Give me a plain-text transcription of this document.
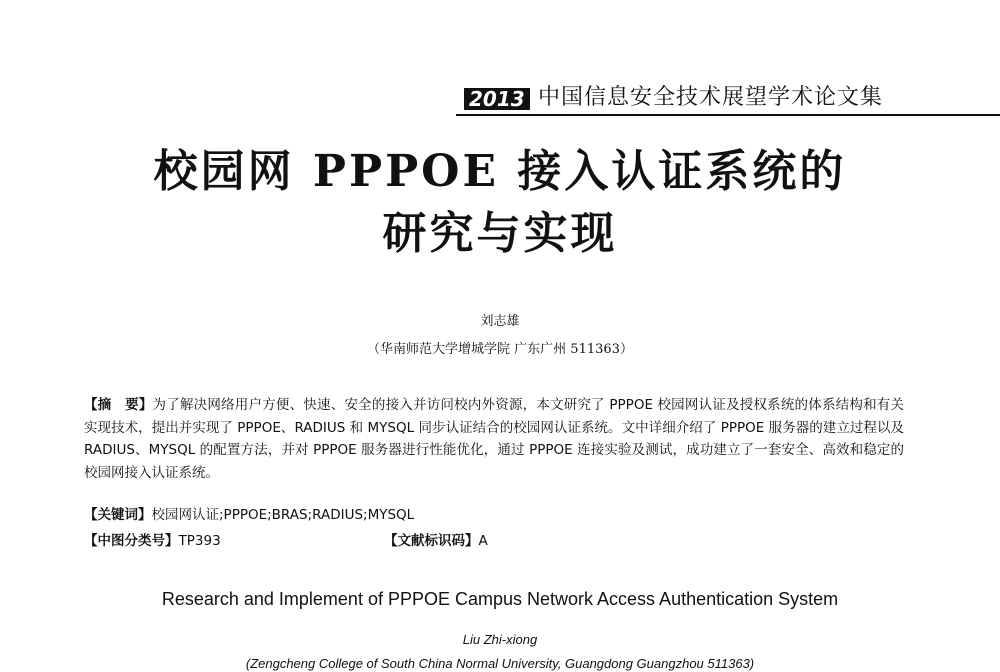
2013 中国信息安全技术展望学术论文集
校园网 PPPOE 接入认证系统的
研究与实现
刘志雄
（华南师范大学增城学院 广东广州 511363）
【摘　要】为了解决网络用户方便、快速、安全的接入并访问校内外资源，本文研究了 PPPOE 校园网认证及授权系统的体系结构和有关实现技术，提出并实现了 PPPOE、RADIUS 和 MYSQL 同步认证结合的校园网认证系统。文中详细介绍了 PPPOE 服务器的建立过程以及 RADIUS、MYSQL 的配置方法，并对 PPPOE 服务器进行性能优化，通过 PPPOE 连接实验及测试，成功建立了一套安全、高效和稳定的校园网接入认证系统。
【关键词】校园网认证;PPPOE;BRAS;RADIUS;MYSQL
【中图分类号】TP393	【文献标识码】A
Research and Implement of PPPOE Campus Network Access Authentication System
Liu Zhi-xiong
(Zengcheng College of South China Normal University, Guangdong Guangzhou 511363)
